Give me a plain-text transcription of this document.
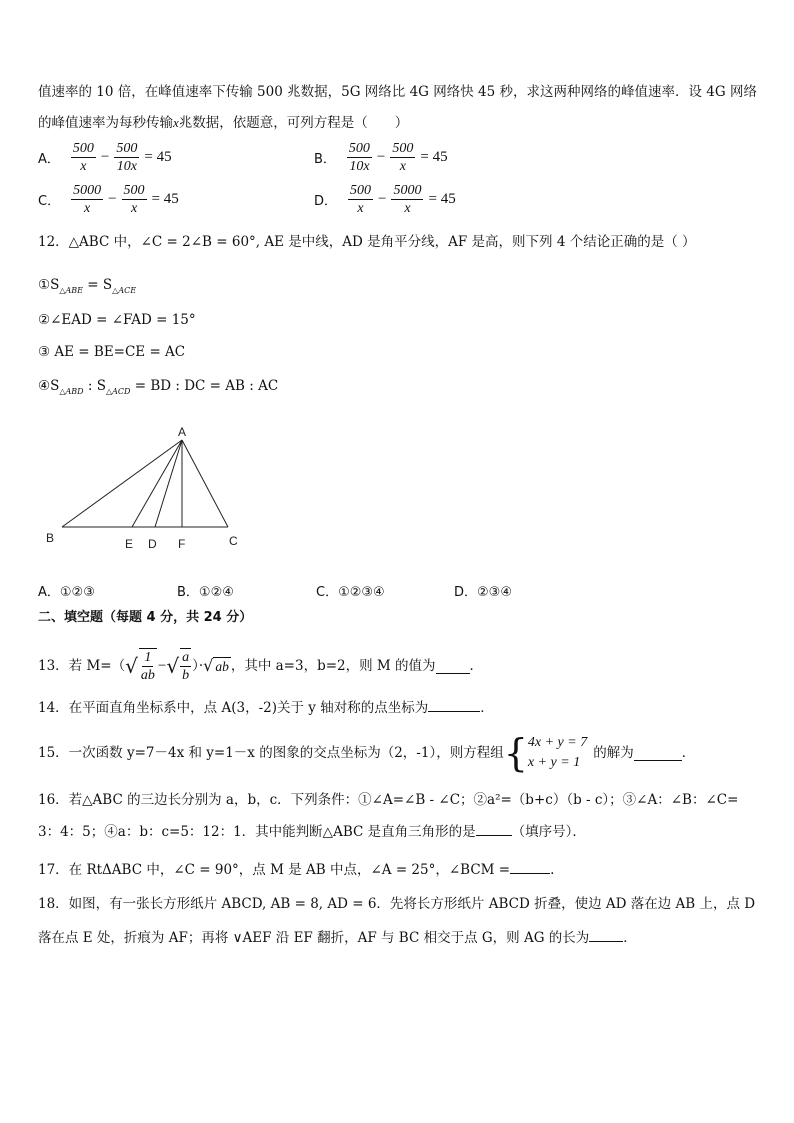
值速率的 10 倍，在峰值速率下传输 500 兆数据，5G 网络比 4G 网络快 45 秒，求这两种网络的峰值速率．设 4G 网络
的峰值速率为每秒传输x兆数据，依题意，可列方程是（　　）
A． $\frac{500}{x} - \frac{500}{10x} = 45$	B． $\frac{500}{10x} - \frac{500}{x} = 45$
C． $\frac{5000}{x} - \frac{500}{x} = 45$	D． $\frac{500}{x} - \frac{5000}{x} = 45$
12．△ABC 中，∠C = 2∠B = 60°, AE 是中线，AD 是角平分线，AF 是高，则下列 4 个结论正确的是（ ）
$①S_{\triangle ABE} = S_{\triangle ACE}$
②∠EAD = ∠FAD = 15°
③ AE = BE=CE = AC
$④S_{\triangle ABD}$ : $S_{\triangle ACD}$ = BD : DC = AB : AC
A
B	E D F	C
A．①②③	B．①②④	C．①②③④	D．②③④
二、填空题（每题 4 分，共 24 分）
13．若 M=（ √ $\frac{1}{ab}$ − √ $\frac{a}{b}$ ）· √ ab ，其中 a=3，b=2，则 M 的值为	．
14．在平面直角坐标系中，点 A(3，-2)关于 y 轴对称的点坐标为	．
15．一次函数 y=7－4x 和 y=1－x 的图象的交点坐标为（2，-1），则方程组 { 4x + y = 7
x + y = 1
的解为	．
16．若△ABC 的三边长分别为 a，b，c．下列条件：①∠A=∠B - ∠C；②a²=（b+c）（b - c）；③∠A：∠B：∠C=
3：4：5；④a：b：c=5：12：1．其中能判断△ABC 是直角三角形的是	（填序号）．
17．在 RtΔABC 中，∠C = 90°，点 M 是 AB 中点，∠A = 25°，∠BCM =	.
18．如图，有一张长方形纸片 ABCD, AB = 8, AD = 6．先将长方形纸片 ABCD 折叠，使边 AD 落在边 AB 上，点 D
落在点 E 处，折痕为 AF；再将 ∨AEF 沿 EF 翻折，AF 与 BC 相交于点 G，则 AG 的长为	．
